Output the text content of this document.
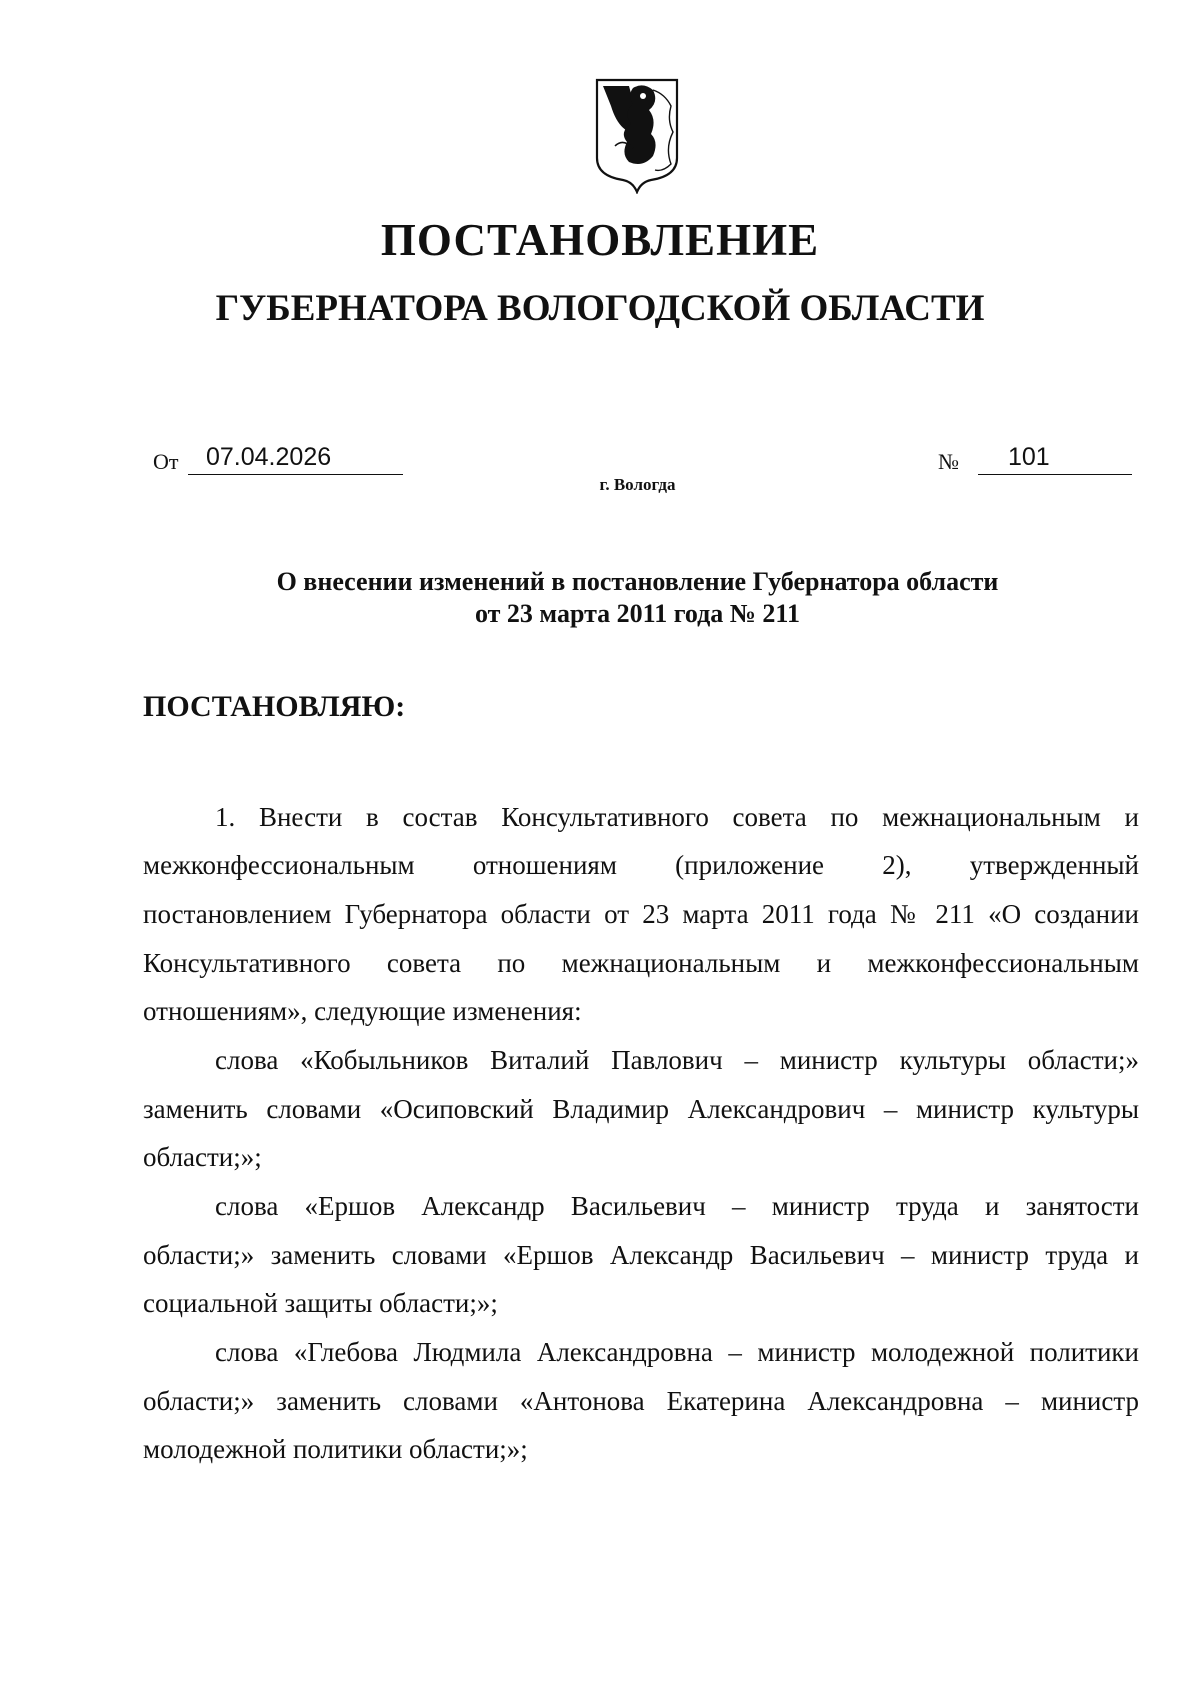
ПОСТАНОВЛЕНИЕ
ГУБЕРНАТОРА ВОЛОГОДСКОЙ ОБЛАСТИ
От	07.04.2026	№	101
г. Вологда

О внесении изменений в постановление Губернатора области

от 23 марта 2011 года № 211

ПОСТАНОВЛЯЮ:

1. Внести в состав Консультативного совета по межнациональным и

межконфессиональным отношениям (приложение 2), утвержденный

постановлением Губернатора области от 23 марта 2011 года № 211 «О создании

Консультативного совета по межнациональным и межконфессиональным

отношениям», следующие изменения:

слова «Кобыльников Виталий Павлович – министр культуры области;»

заменить словами «Осиповский Владимир Александрович – министр культуры

области;»;

слова «Ершов Александр Васильевич – министр труда и занятости

области;» заменить словами «Ершов Александр Васильевич – министр труда и

социальной защиты области;»;

слова «Глебова Людмила Александровна – министр молодежной политики

области;» заменить словами «Антонова Екатерина Александровна – министр

молодежной политики области;»;
